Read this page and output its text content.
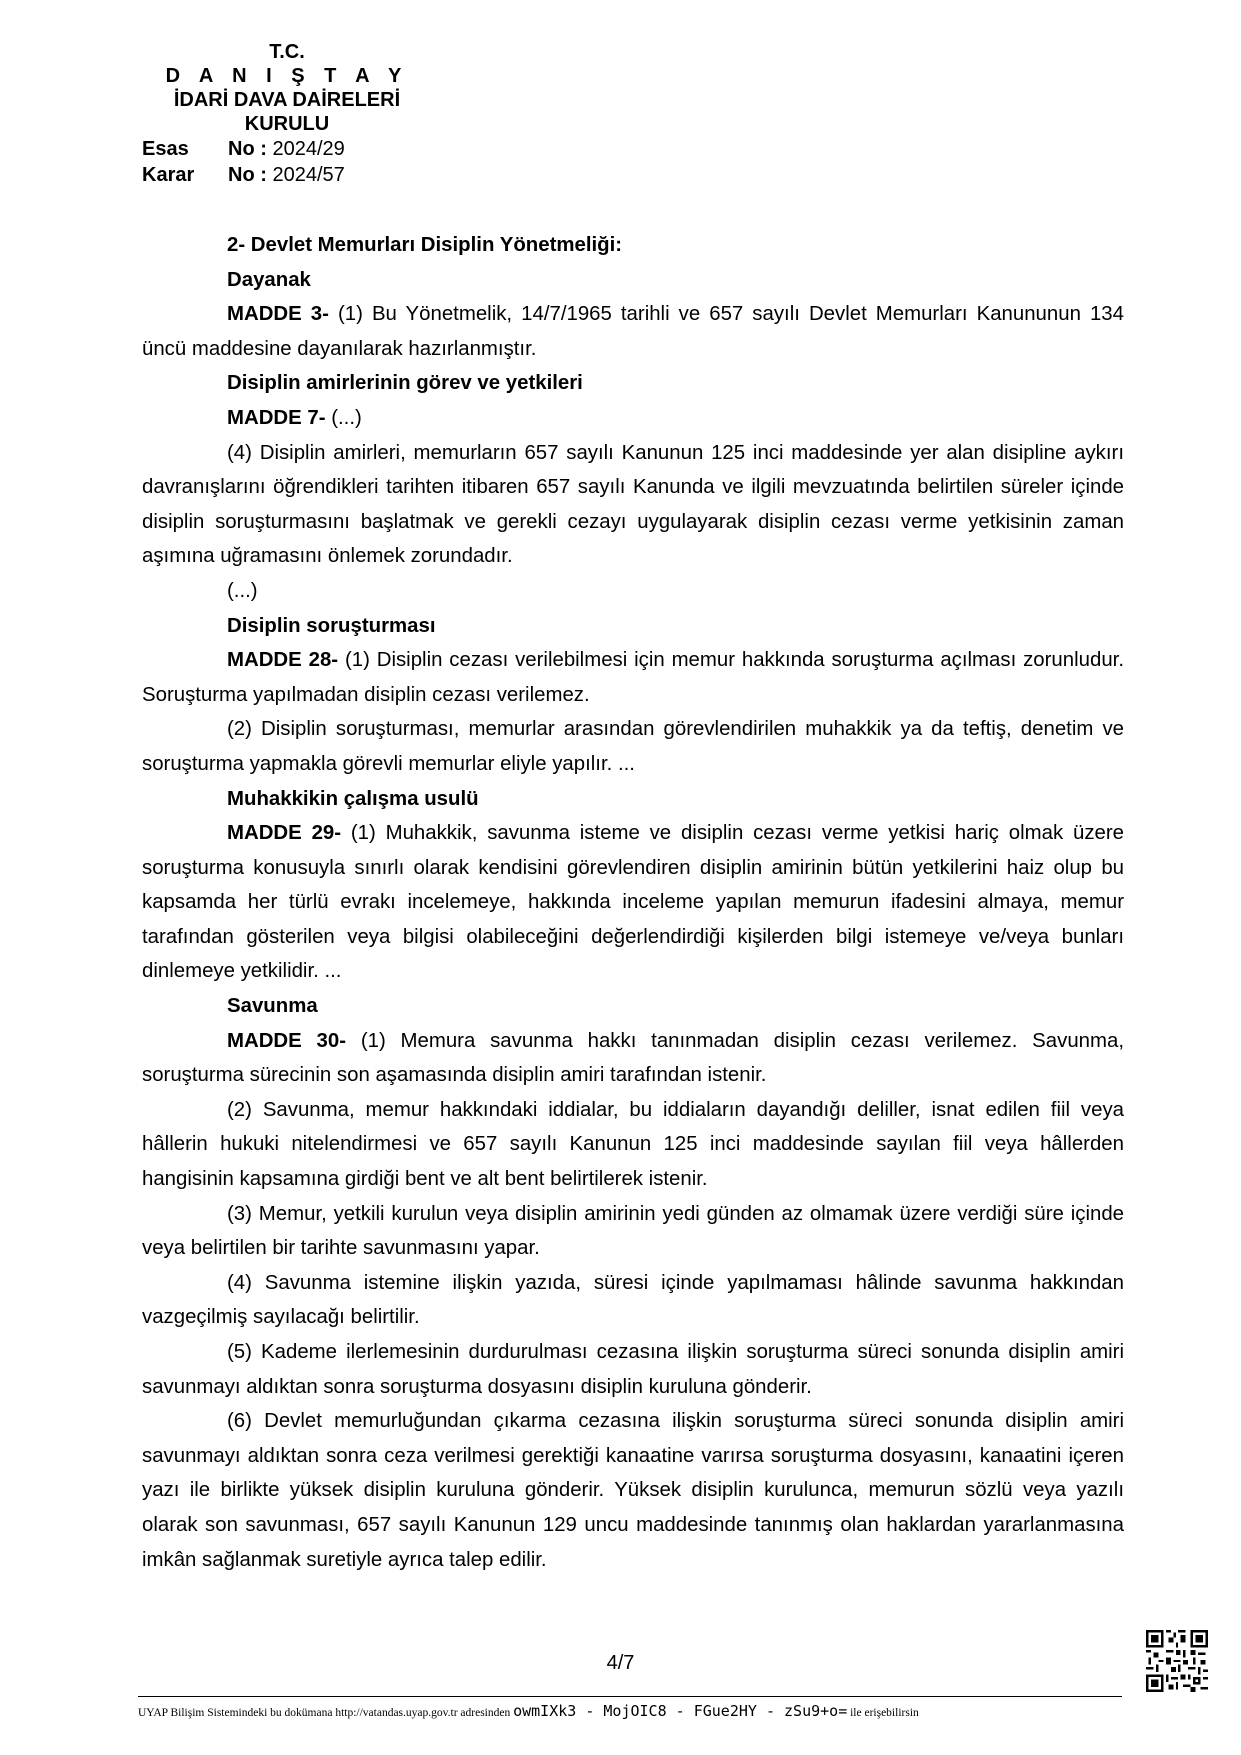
T.C.
D A N I Ş T A Y
İDARİ DAVA DAİRELERİ
KURULU
Esas	No :
2024/29
Karar	No :
2024/57

2- Devlet Memurları Disiplin Yönetmeliği:

Dayanak

MADDE 3- (1) Bu Yönetmelik, 14/7/1965 tarihli ve 657 sayılı Devlet Memurları Kanununun 134 üncü maddesine dayanılarak hazırlanmıştır.

Disiplin amirlerinin görev ve yetkileri

MADDE 7- (...)

(4) Disiplin amirleri, memurların 657 sayılı Kanunun 125 inci maddesinde yer alan disipline aykırı davranışlarını öğrendikleri tarihten itibaren 657 sayılı Kanunda ve ilgili mevzuatında belirtilen süreler içinde disiplin soruşturmasını başlatmak ve gerekli cezayı uygulayarak disiplin cezası verme yetkisinin zaman aşımına uğramasını önlemek zorundadır.

(...)

Disiplin soruşturması

MADDE 28- (1) Disiplin cezası verilebilmesi için memur hakkında soruşturma açılması zorunludur. Soruşturma yapılmadan disiplin cezası verilemez.

(2) Disiplin soruşturması, memurlar arasından görevlendirilen muhakkik ya da teftiş, denetim ve soruşturma yapmakla görevli memurlar eliyle yapılır. ...

Muhakkikin çalışma usulü

MADDE 29- (1) Muhakkik, savunma isteme ve disiplin cezası verme yetkisi hariç olmak üzere soruşturma konusuyla sınırlı olarak kendisini görevlendiren disiplin amirinin bütün yetkilerini haiz olup bu kapsamda her türlü evrakı incelemeye, hakkında inceleme yapılan memurun ifadesini almaya, memur tarafından gösterilen veya bilgisi olabileceğini değerlendirdiği kişilerden bilgi istemeye ve/veya bunları dinlemeye yetkilidir. ...

Savunma

MADDE 30- (1) Memura savunma hakkı tanınmadan disiplin cezası verilemez. Savunma, soruşturma sürecinin son aşamasında disiplin amiri tarafından istenir.

(2) Savunma, memur hakkındaki iddialar, bu iddiaların dayandığı deliller, isnat edilen fiil veya hâllerin hukuki nitelendirmesi ve 657 sayılı Kanunun 125 inci maddesinde sayılan fiil veya hâllerden hangisinin kapsamına girdiği bent ve alt bent belirtilerek istenir.

(3) Memur, yetkili kurulun veya disiplin amirinin yedi günden az olmamak üzere verdiği süre içinde veya belirtilen bir tarihte savunmasını yapar.

(4) Savunma istemine ilişkin yazıda, süresi içinde yapılmaması hâlinde savunma hakkından vazgeçilmiş sayılacağı belirtilir.

(5) Kademe ilerlemesinin durdurulması cezasına ilişkin soruşturma süreci sonunda disiplin amiri savunmayı aldıktan sonra soruşturma dosyasını disiplin kuruluna gönderir.

(6) Devlet memurluğundan çıkarma cezasına ilişkin soruşturma süreci sonunda disiplin amiri savunmayı aldıktan sonra ceza verilmesi gerektiği kanaatine varırsa soruşturma dosyasını, kanaatini içeren yazı ile birlikte yüksek disiplin kuruluna gönderir. Yüksek disiplin kurulunca, memurun sözlü veya yazılı olarak son savunması, 657 sayılı Kanunun 129 uncu maddesinde tanınmış olan haklardan yararlanmasına imkân sağlanmak suretiyle ayrıca talep edilir.

4/7
UYAP Bilişim Sistemindeki bu dokümana http://vatandas.uyap.gov.tr adresinden owmIXk3 - MojOIC8 - FGue2HY - zSu9+o= ile erişebilirsin
